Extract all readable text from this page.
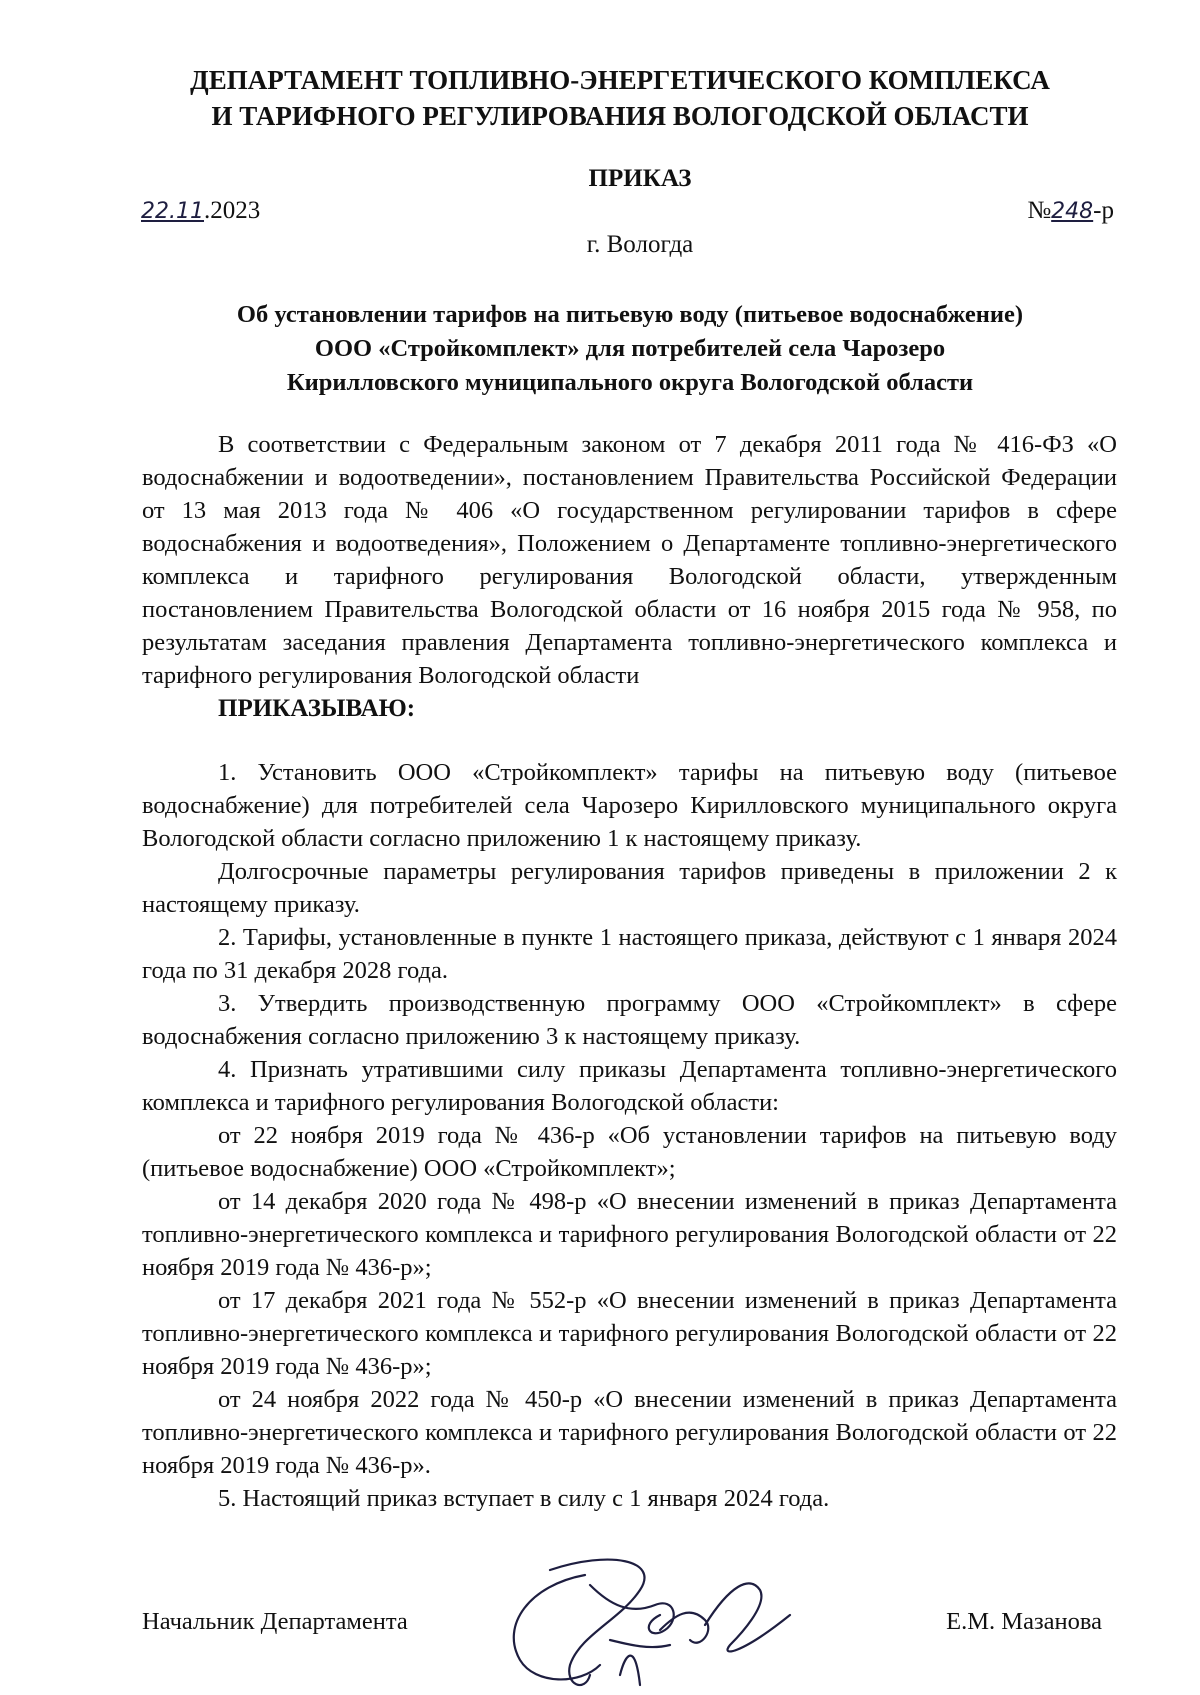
ДЕПАРТАМЕНТ ТОПЛИВНО-ЭНЕРГЕТИЧЕСКОГО КОМПЛЕКСА
И ТАРИФНОГО РЕГУЛИРОВАНИЯ ВОЛОГОДСКОЙ ОБЛАСТИ
ПРИКАЗ
22.11.2023	№248-р
г. Вологда
Об установлении тарифов на питьевую воду (питьевое водоснабжение)
ООО «Стройкомплект» для потребителей села Чарозеро
Кирилловского муниципального округа Вологодской области

В соответствии с Федеральным законом от 7 декабря 2011 года № 416-ФЗ «О водоснабжении и водоотведении», постановлением Правительства Российской Федерации от 13 мая 2013 года № 406 «О государственном регулировании тарифов в сфере водоснабжения и водоотведения», Положением о Департаменте топливно-энергетического комплекса и тарифного регулирования Вологодской области, утвержденным постановлением Правительства Вологодской области от 16 ноября 2015 года № 958, по результатам заседания правления Департамента топливно-энергетического комплекса и тарифного регулирования Вологодской области

ПРИКАЗЫВАЮ:

1. Установить ООО «Стройкомплект» тарифы на питьевую воду (питьевое водоснабжение) для потребителей села Чарозеро Кирилловского муниципального округа Вологодской области согласно приложению 1 к настоящему приказу.

Долгосрочные параметры регулирования тарифов приведены в приложении 2 к настоящему приказу.

2. Тарифы, установленные в пункте 1 настоящего приказа, действуют с 1 января 2024 года по 31 декабря 2028 года.

3. Утвердить производственную программу ООО «Стройкомплект» в сфере водоснабжения согласно приложению 3 к настоящему приказу.

4. Признать утратившими силу приказы Департамента топливно-энергетического комплекса и тарифного регулирования Вологодской области:

от 22 ноября 2019 года № 436-р «Об установлении тарифов на питьевую воду (питьевое водоснабжение) ООО «Стройкомплект»;

от 14 декабря 2020 года № 498-р «О внесении изменений в приказ Департамента топливно-энергетического комплекса и тарифного регулирования Вологодской области от 22 ноября 2019 года № 436-р»;

от 17 декабря 2021 года № 552-р «О внесении изменений в приказ Департамента топливно-энергетического комплекса и тарифного регулирования Вологодской области от 22 ноября 2019 года № 436-р»;

от 24 ноября 2022 года № 450-р «О внесении изменений в приказ Департамента топливно-энергетического комплекса и тарифного регулирования Вологодской области от 22 ноября 2019 года № 436-р».

5. Настоящий приказ вступает в силу с 1 января 2024 года.

Начальник Департамента	Е.М. Мазанова
